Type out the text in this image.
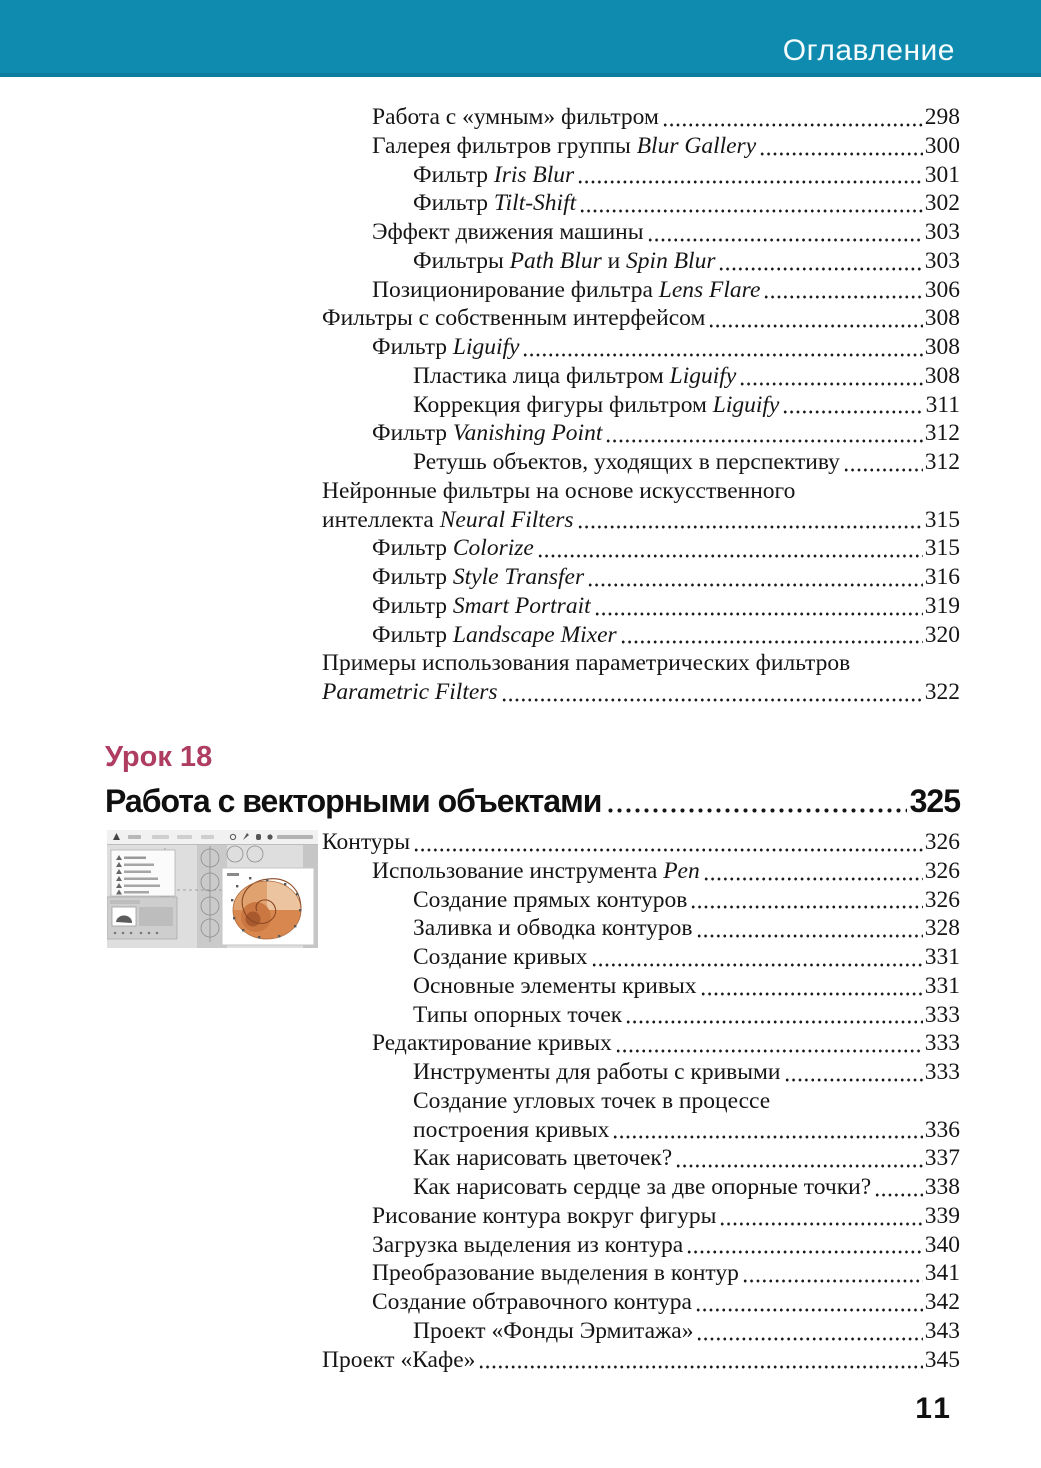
Оглавление
Работа с «умным» фильтром	298
Галерея фильтров группы Blur Gallery	300
Фильтр Iris Blur	301
Фильтр Tilt-Shift	302
Эффект движения машины	303
Фильтры Path Blur и Spin Blur	303
Позиционирование фильтра Lens Flare	306
Фильтры с собственным интерфейсом	308
Фильтр Liguify	308
Пластика лица фильтром Liguify	308
Коррекция фигуры фильтром Liguify	311
Фильтр Vanishing Point	312
Ретушь объектов, уходящих в перспективу	312
Нейронные фильтры на основе искусственного
интеллекта Neural Filters	315
Фильтр Colorize	315
Фильтр Style Transfer	316
Фильтр Smart Portrait	319
Фильтр Landscape Mixer	320
Примеры использования параметрических фильтров
Parametric Filters	322
Урок 18
Работа с векторными объектами	325
Контуры	326
Использование инструмента Pen	326
Создание прямых контуров	326
Заливка и обводка контуров	328
Создание кривых	331
Основные элементы кривых	331
Типы опорных точек	333
Редактирование кривых	333
Инструменты для работы с кривыми	333
Создание угловых точек в процессе
построения кривых	336
Как нарисовать цветочек?	337
Как нарисовать сердце за две опорные точки? 338
Рисование контура вокруг фигуры	339
Загрузка выделения из контура	340
Преобразование выделения в контур	341
Создание обтравочного контура	342
Проект «Фонды Эрмитажа»	343
Проект «Кафе»	345
11
